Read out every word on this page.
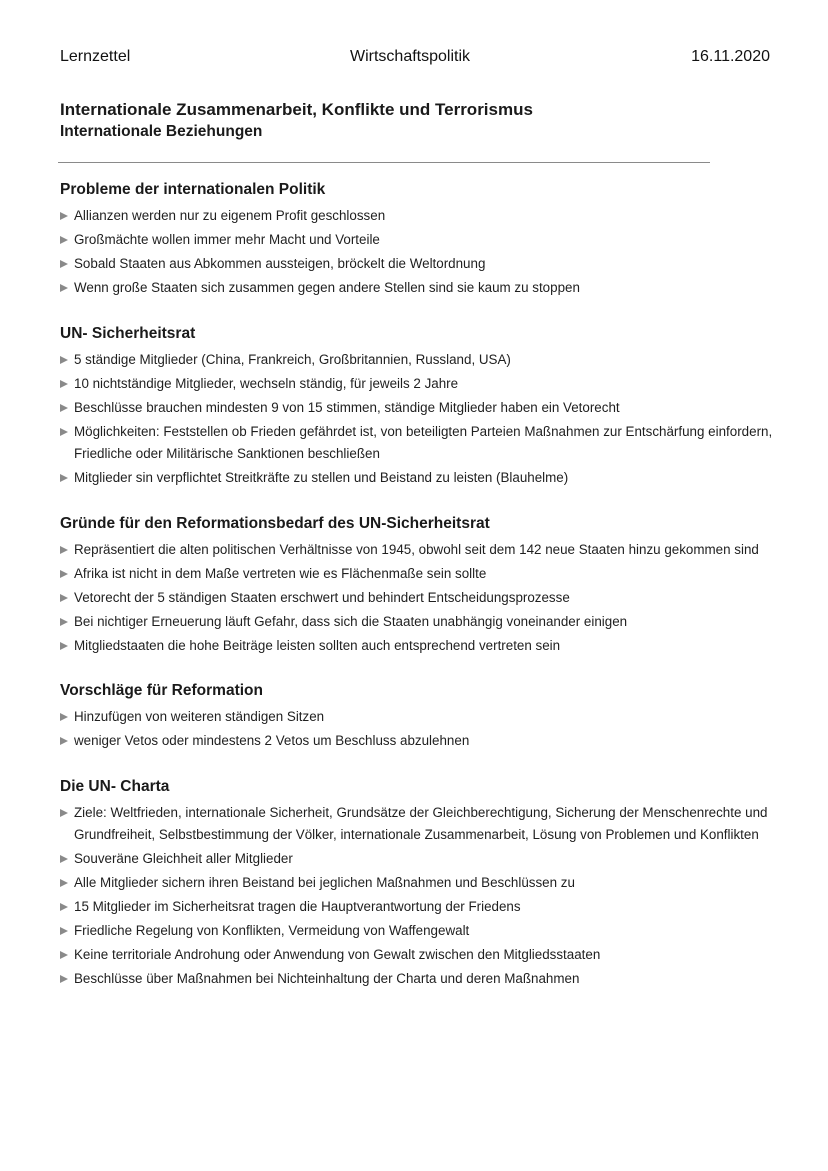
Lernzettel	Wirtschaftspolitik	16.11.2020
Internationale Zusammenarbeit, Konflikte und Terrorismus
Internationale Beziehungen
Probleme der internationalen Politik
Allianzen werden nur zu eigenem Profit geschlossen
Großmächte wollen immer mehr Macht und Vorteile
Sobald Staaten aus Abkommen aussteigen, bröckelt die Weltordnung
Wenn große Staaten sich zusammen gegen andere Stellen sind sie kaum zu stoppen
UN- Sicherheitsrat
5 ständige Mitglieder (China, Frankreich, Großbritannien, Russland, USA)
10 nichtständige Mitglieder, wechseln ständig, für jeweils 2 Jahre
Beschlüsse brauchen mindesten 9 von 15 stimmen, ständige Mitglieder haben ein Vetorecht
Möglichkeiten: Feststellen ob Frieden gefährdet ist, von beteiligten Parteien Maßnahmen zur Entschärfung einfordern, Friedliche oder Militärische Sanktionen beschließen
Mitglieder sin verpflichtet Streitkräfte zu stellen und Beistand zu leisten (Blauhelme)
Gründe für den Reformationsbedarf des UN-Sicherheitsrat
Repräsentiert die alten politischen Verhältnisse von 1945, obwohl seit dem 142 neue Staaten hinzu gekommen sind
Afrika ist nicht in dem Maße vertreten wie es Flächenmaße sein sollte
Vetorecht der 5 ständigen Staaten erschwert und behindert Entscheidungsprozesse
Bei nichtiger Erneuerung läuft Gefahr, dass sich die Staaten unabhängig voneinander einigen
Mitgliedstaaten die hohe Beiträge leisten sollten auch entsprechend vertreten sein
Vorschläge für Reformation
Hinzufügen von weiteren ständigen Sitzen
weniger Vetos oder mindestens 2 Vetos um Beschluss abzulehnen
Die UN- Charta
Ziele: Weltfrieden, internationale Sicherheit, Grundsätze der Gleichberechtigung, Sicherung der Menschenrechte und Grundfreiheit, Selbstbestimmung der Völker, internationale Zusammenarbeit, Lösung von Problemen und Konflikten
Souveräne Gleichheit aller Mitglieder
Alle Mitglieder sichern ihren Beistand bei jeglichen Maßnahmen und Beschlüssen zu
15 Mitglieder im Sicherheitsrat tragen die Hauptverantwortung der Friedens
Friedliche Regelung von Konflikten, Vermeidung von Waffengewalt
Keine territoriale Androhung oder Anwendung von Gewalt zwischen den Mitgliedsstaaten
Beschlüsse über Maßnahmen bei Nichteinhaltung der Charta und deren Maßnahmen
